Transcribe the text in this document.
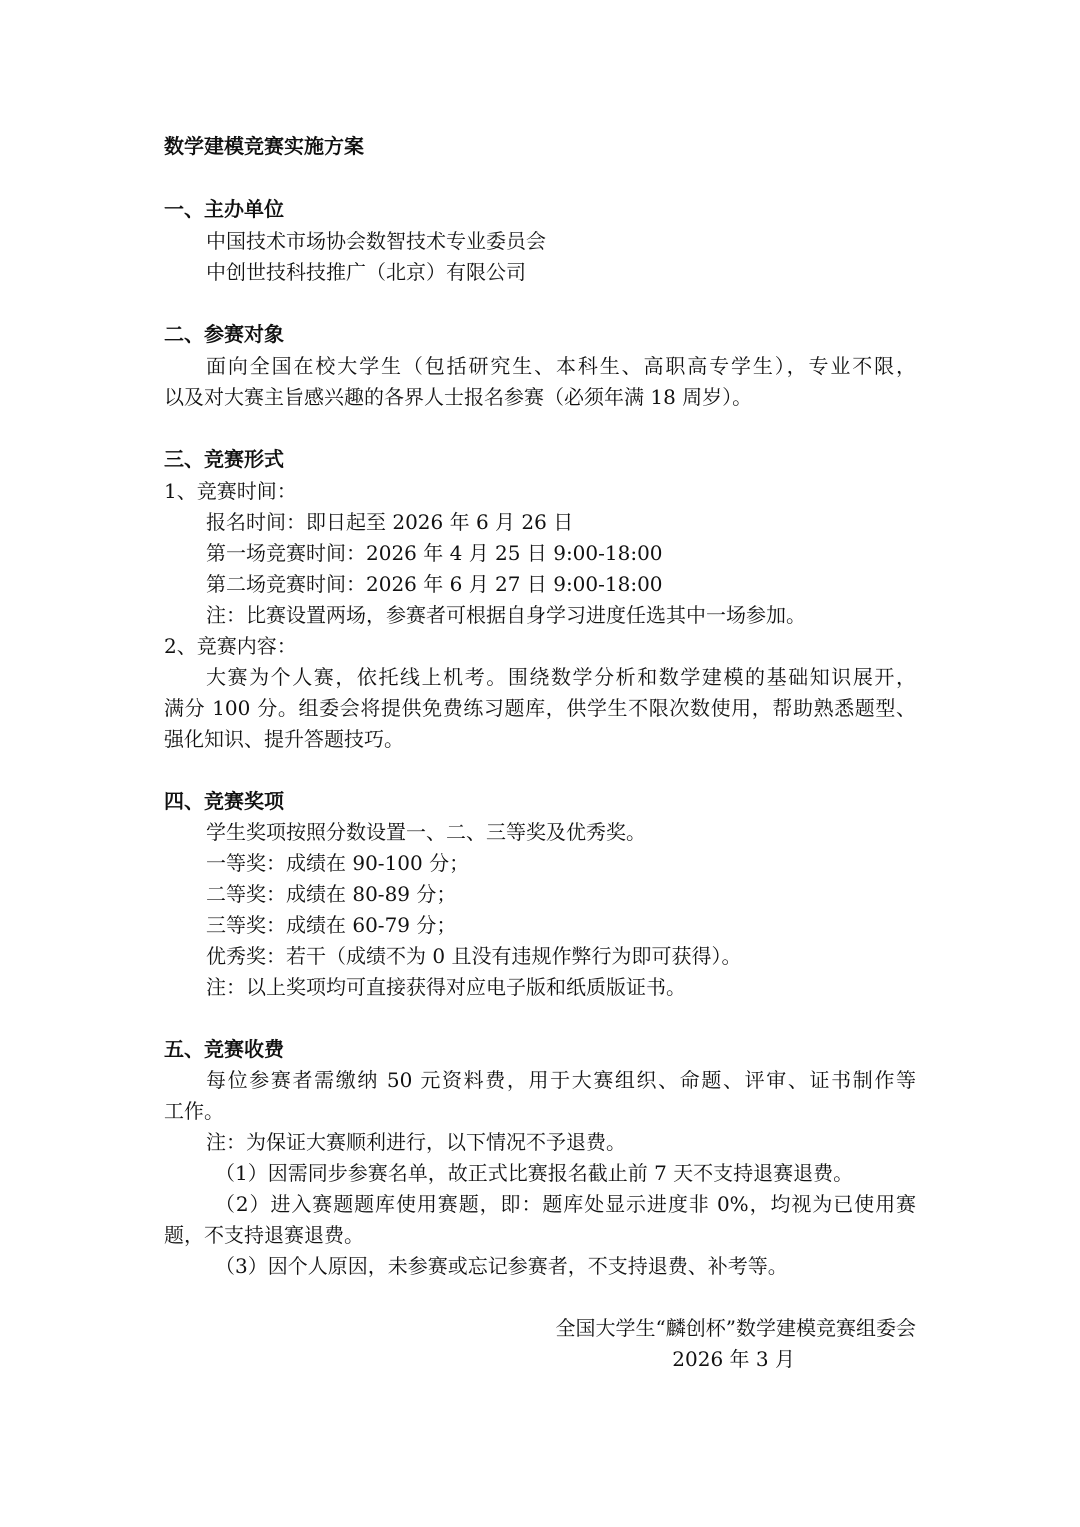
数学建模竞赛实施方案
一、主办单位
中国技术市场协会数智技术专业委员会
中创世技科技推广（北京）有限公司
二、参赛对象
面向全国在校大学生（包括研究生、本科生、高职高专学生），专业不限，
以及对大赛主旨感兴趣的各界人士报名参赛（必须年满 18 周岁）。
三、竞赛形式
1、竞赛时间：
报名时间：即日起至 2026 年 6 月 26 日
第一场竞赛时间：2026 年 4 月 25 日 9:00-18:00
第二场竞赛时间：2026 年 6 月 27 日 9:00-18:00
注：比赛设置两场，参赛者可根据自身学习进度任选其中一场参加。
2、竞赛内容：
大赛为个人赛，依托线上机考。围绕数学分析和数学建模的基础知识展开，
满分 100 分。组委会将提供免费练习题库，供学生不限次数使用，帮助熟悉题型、
强化知识、提升答题技巧。
四、竞赛奖项
学生奖项按照分数设置一、二、三等奖及优秀奖。
一等奖：成绩在 90-100 分；
二等奖：成绩在 80-89 分；
三等奖：成绩在 60-79 分；
优秀奖：若干（成绩不为 0 且没有违规作弊行为即可获得）。
注：以上奖项均可直接获得对应电子版和纸质版证书。
五、竞赛收费
每位参赛者需缴纳 50 元资料费，用于大赛组织、命题、评审、证书制作等
工作。
注：为保证大赛顺利进行，以下情况不予退费。
（1）因需同步参赛名单，故正式比赛报名截止前 7 天不支持退赛退费。
（2）进入赛题题库使用赛题，即：题库处显示进度非 0%，均视为已使用赛
题，不支持退赛退费。
（3）因个人原因，未参赛或忘记参赛者，不支持退费、补考等。
全国大学生“麟创杯”数学建模竞赛组委会
2026 年 3 月
